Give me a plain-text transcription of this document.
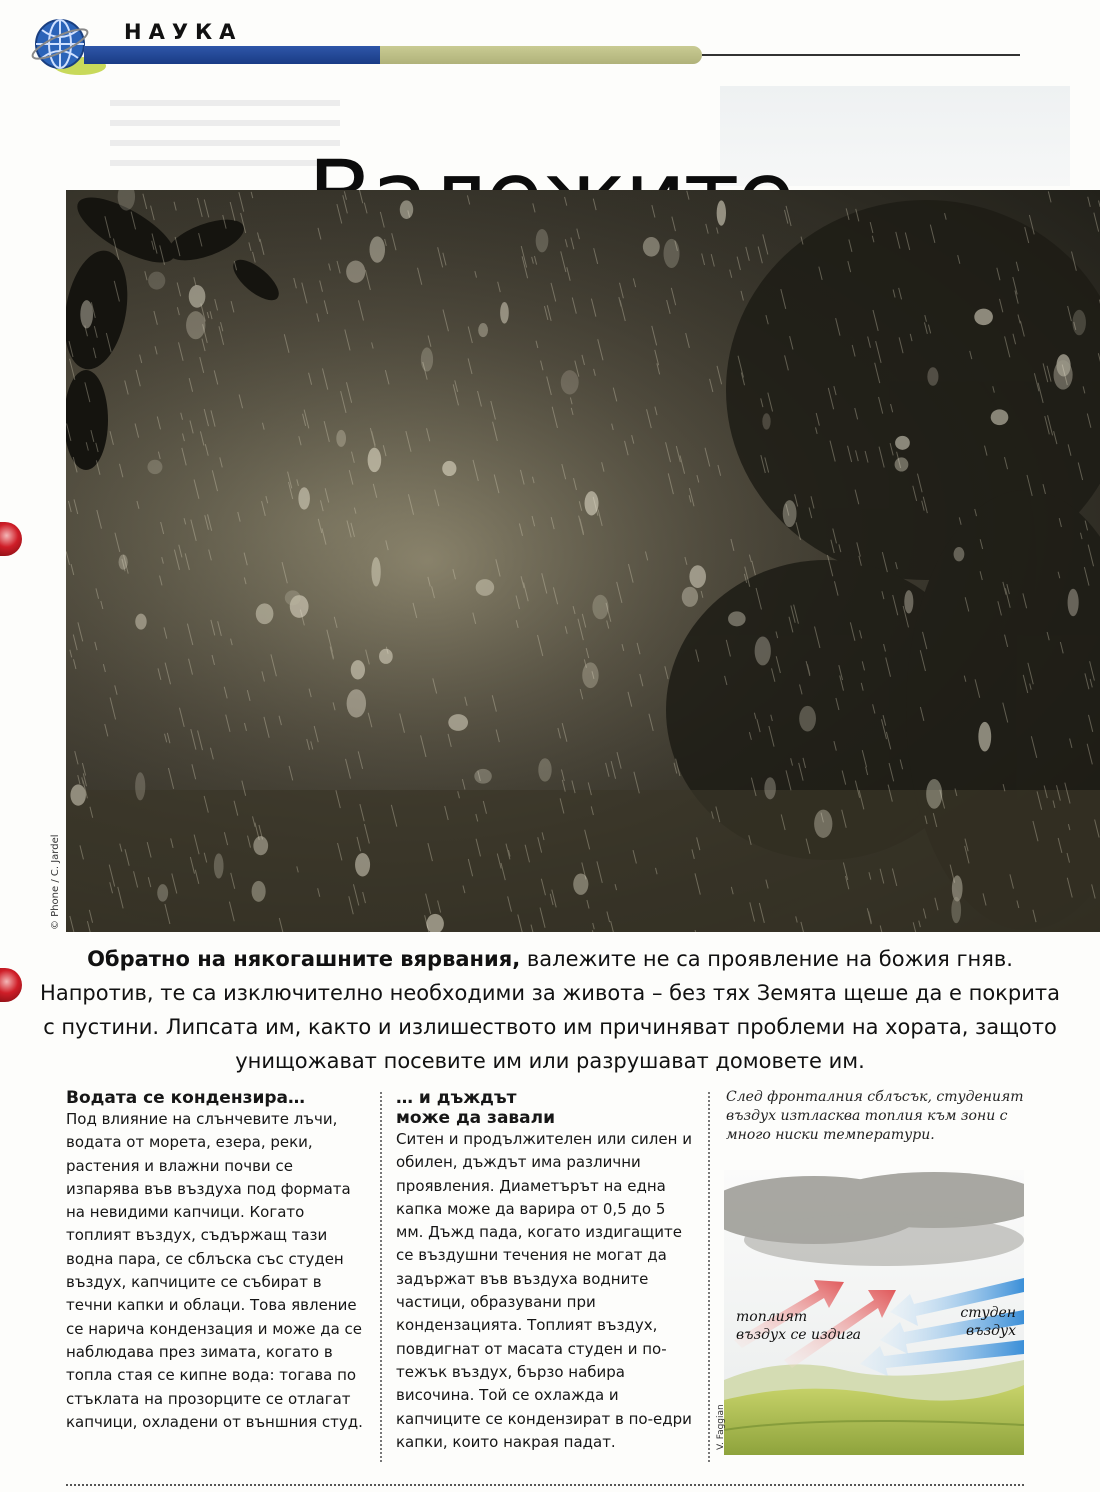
НАУКА
© Phone / C. Jardel
Обратно на някогашните вярвания, валежите не са проявление на божия гняв. Напротив, те са изключително необходими за живота – без тях Земята щеше да е покрита с пустини. Липсата им, както и излишеството им причиняват проблеми на хората, защото унищожават посевите им или разрушават домовете им.
Водата се кондензира…
Под влияние на слънчевите лъчи, водата от морета, езера, реки, растения и влажни почви се изпарява във въздуха под формата на невидими капчици. Когато топлият въздух, съдържащ тази водна пара, се сблъска със студен въздух, капчиците се събират в течни капки и облаци. Това явление се нарича кондензация и може да се наблюдава през зимата, когато в топла стая се кипне вода: тогава по стъклата на прозорците се отлагат капчици, охладени от външния студ.
… и дъждът
може да завали
Ситен и продължителен или силен и обилен, дъждът има различни проявления. Диаметърът на една капка може да варира от 0,5 до 5 мм. Дъжд пада, когато издигащите се въздушни течения не могат да задържат във въздуха водните частици, образувани при кондензацията. Топлият въздух, повдигнат от масата студен и по-тежък въздух, бързо набира височина. Той се охлажда и капчиците се кондензират в по-едри капки, които накрая падат.
След фронталния сблъсък, студеният въздух изтласква топлия към зони с много ниски температури.
топлият
въздух се издига
студен
въздух
V. Faggian
